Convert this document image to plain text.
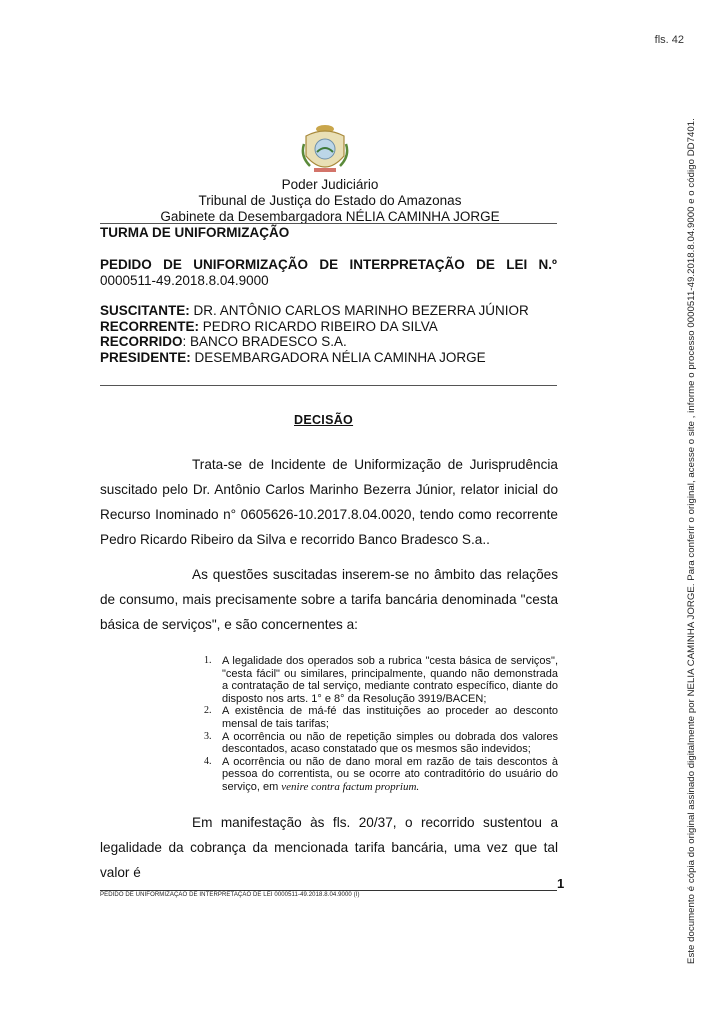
fls. 42
Poder Judiciário
Tribunal de Justiça do Estado do Amazonas
Gabinete da Desembargadora NÉLIA CAMINHA JORGE
TURMA DE UNIFORMIZAÇÃO
PEDIDO DE UNIFORMIZAÇÃO DE INTERPRETAÇÃO DE LEI N.º
0000511-49.2018.8.04.9000
SUSCITANTE: DR. ANTÔNIO CARLOS MARINHO BEZERRA JÚNIOR
RECORRENTE: PEDRO RICARDO RIBEIRO DA SILVA
RECORRIDO: BANCO BRADESCO S.A.
PRESIDENTE: DESEMBARGADORA NÉLIA CAMINHA JORGE
DECISÃO
Trata-se de Incidente de Uniformização de Jurisprudência suscitado pelo Dr. Antônio Carlos Marinho Bezerra Júnior, relator inicial do Recurso Inominado n° 0605626-10.2017.8.04.0020, tendo como recorrente Pedro Ricardo Ribeiro da Silva e recorrido Banco Bradesco S.a..
As questões suscitadas inserem-se no âmbito das relações de consumo, mais precisamente sobre a tarifa bancária denominada "cesta básica de serviços", e são concernentes a:

1. A legalidade dos operados sob a rubrica "cesta básica de serviços", "cesta fácil" ou similares, principalmente, quando não demonstrada a contratação de tal serviço, mediante contrato específico, diante do disposto nos arts. 1° e 8° da Resolução 3919/BACEN;

2. A existência de má-fé das instituições ao proceder ao desconto mensal de tais tarifas;

3. A ocorrência ou não de repetição simples ou dobrada dos valores descontados, acaso constatado que os mesmos são indevidos;

4. A ocorrência ou não de dano moral em razão de tais descontos à pessoa do correntista, ou se ocorre ato contraditório do usuário do serviço, em venire contra factum proprium.

Em manifestação às fls. 20/37, o recorrido sustentou a legalidade da cobrança da mencionada tarifa bancária, uma vez que tal valor é
PEDIDO DE UNIFORMIZAÇÃO DE INTERPRETAÇÃO DE LEI 0000511-49.2018.8.04.9000 (I)
1	Este documento é cópia do original assinado digitalmente por NELIA CAMINHA JORGE. Para conferir o original, acesse o site , informe o processo 0000511-49.2018.8.04.9000 e o código DD7401.
